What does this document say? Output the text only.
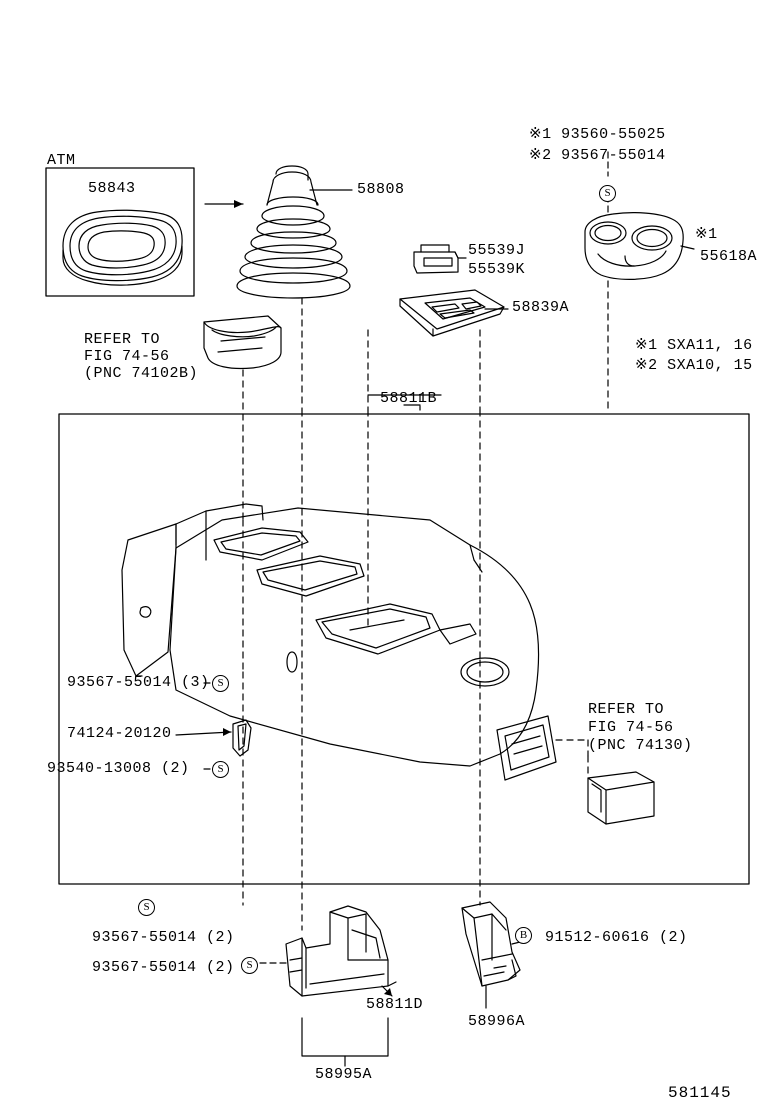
ATM
58843	58808
※1 93560-55025
※2 93567-55014
※1
55618A
55539J
55539K
58839A
REFER TO
FIG 74-56
(PNC 74102B)
58811B
※1 SXA11, 16
※2 SXA10, 15
93567-55014 (3)
74124-20120
93540-13008 (2)
REFER TO
FIG 74-56
(PNC 74130)
93567-55014 (2)
93567-55014 (2)
91512-60616 (2)
58811D
58996A
58995A
581145
S
S
S
S
S
B
